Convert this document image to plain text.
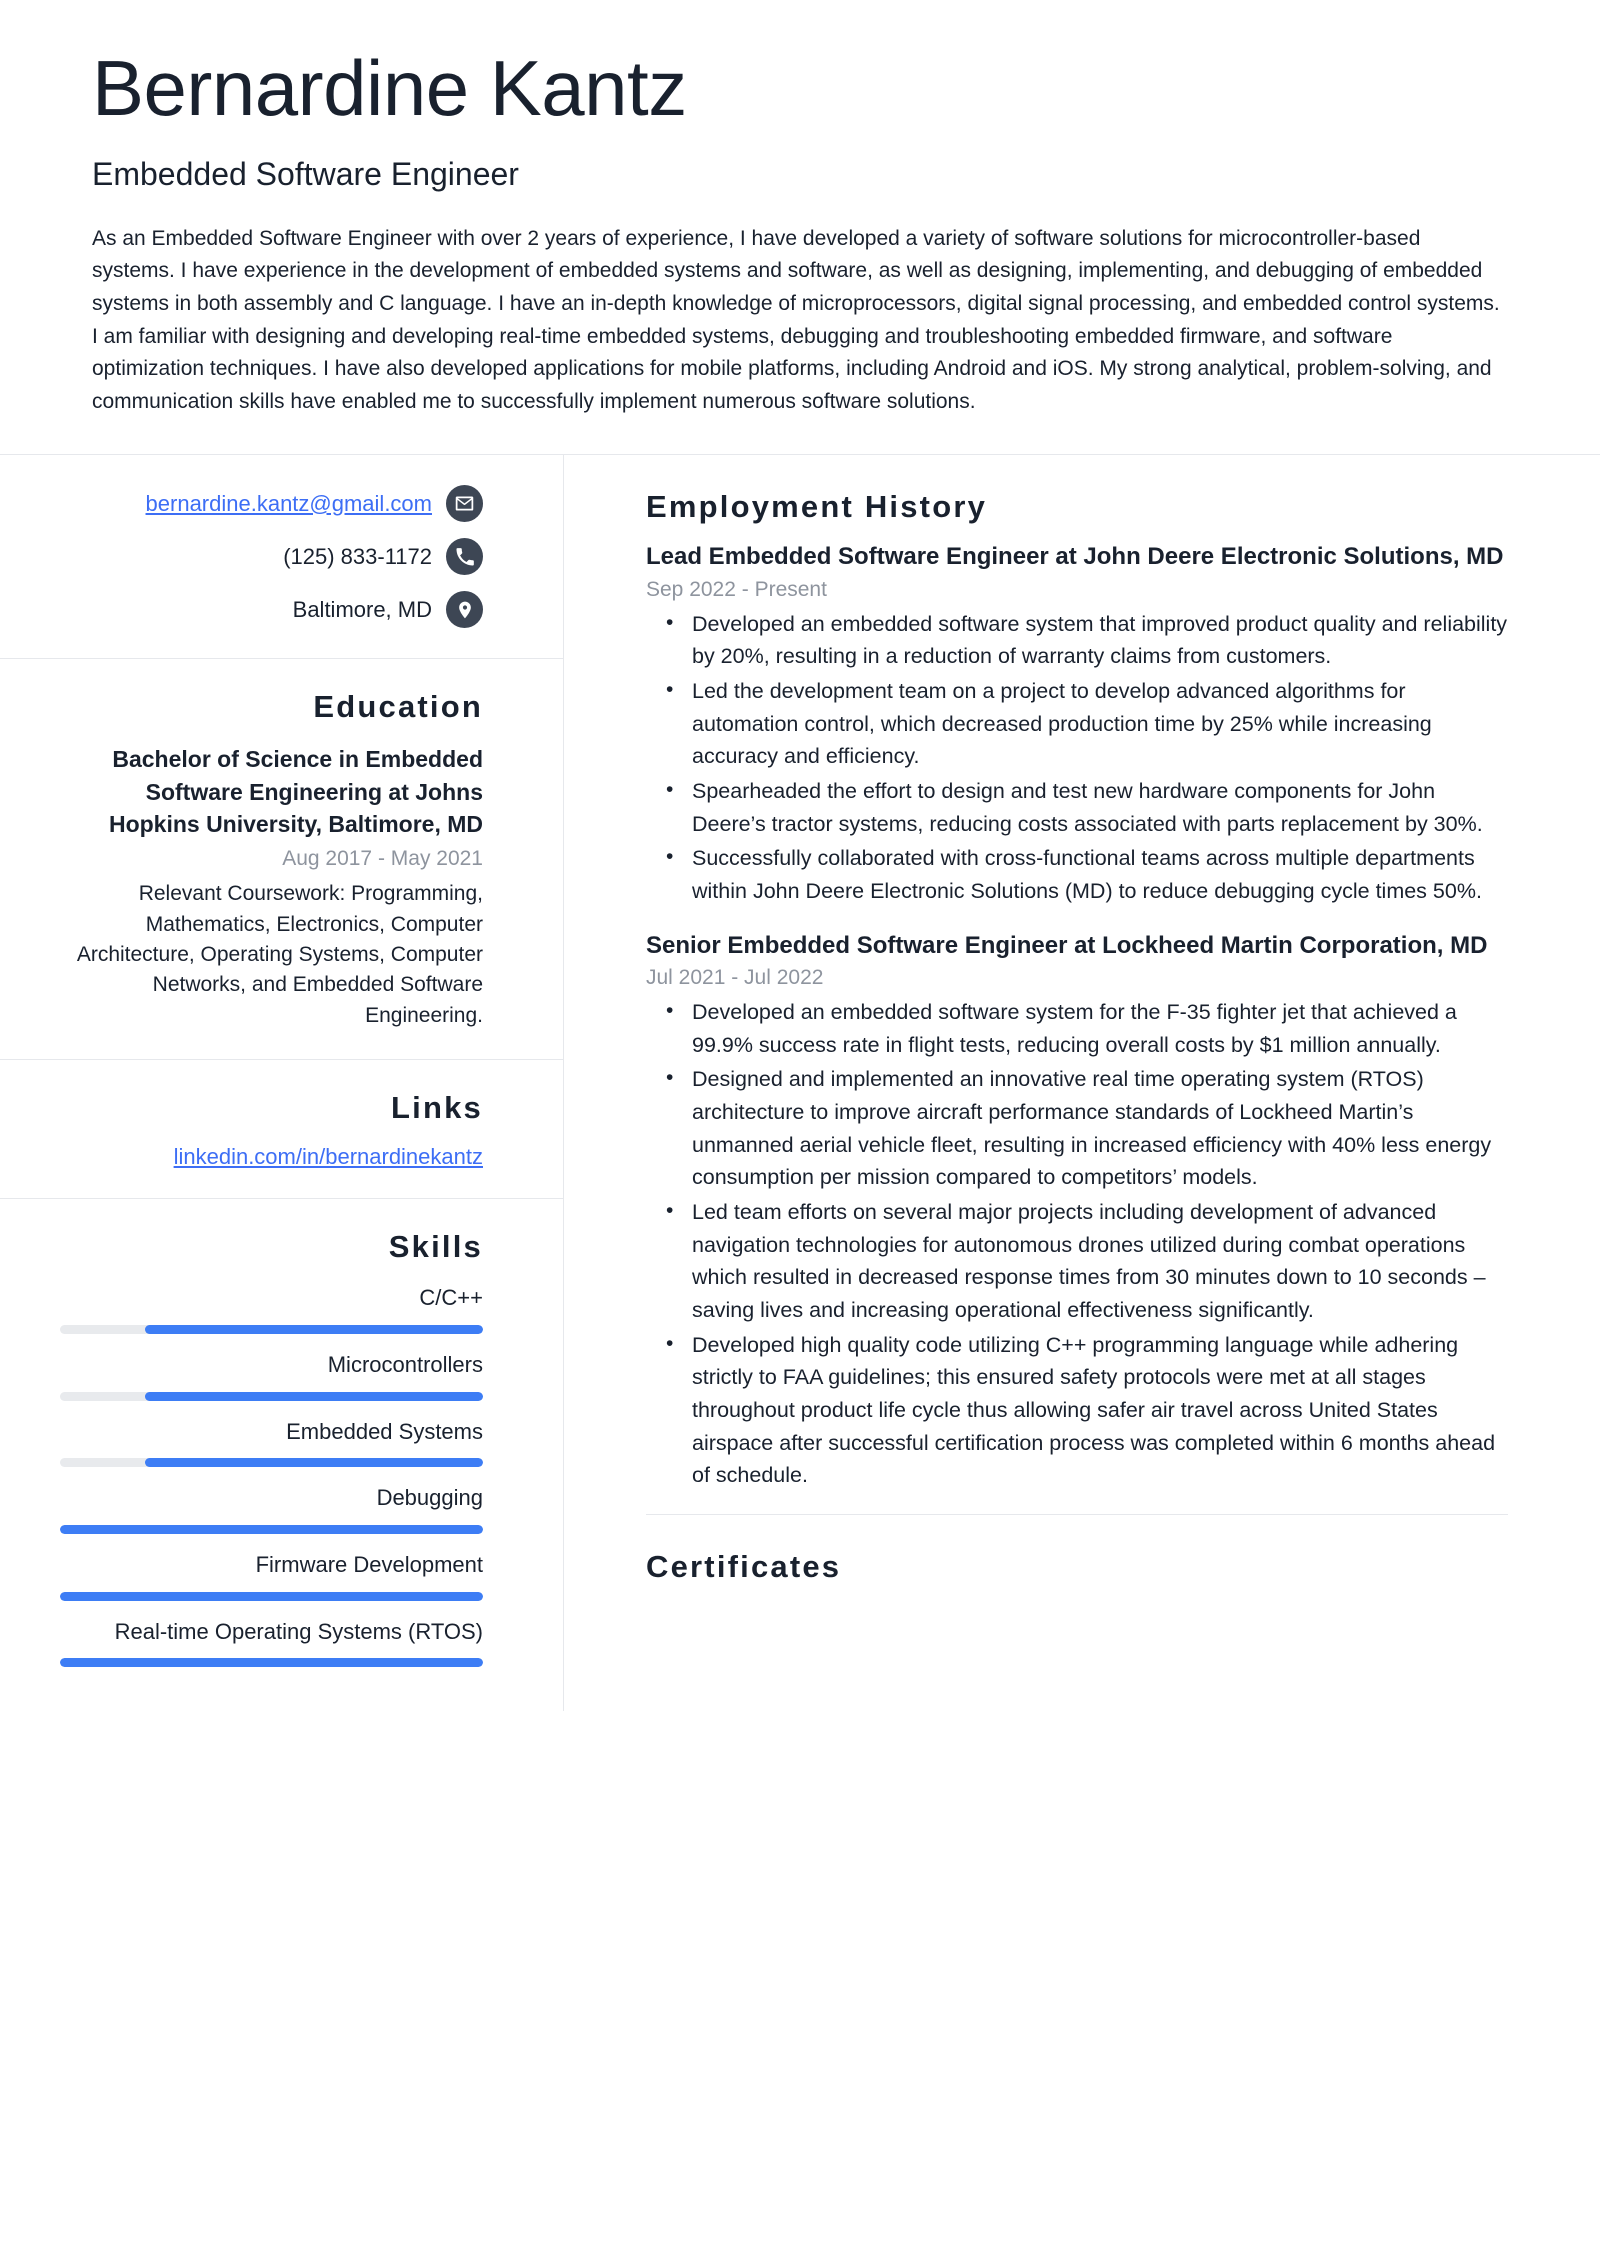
Bernardine Kantz
Embedded Software Engineer

As an Embedded Software Engineer with over 2 years of experience, I have developed a variety of software solutions for microcontroller-based systems. I have experience in the development of embedded systems and software, as well as designing, implementing, and debugging of embedded systems in both assembly and C language. I have an in-depth knowledge of microprocessors, digital signal processing, and embedded control systems. I am familiar with designing and developing real-time embedded systems, debugging and troubleshooting embedded firmware, and software optimization techniques. I have also developed applications for mobile platforms, including Android and iOS. My strong analytical, problem-solving, and communication skills have enabled me to successfully implement numerous software solutions.

bernardine.kantz@gmail.com
(125) 833-1172
Baltimore, MD
Education
Bachelor of Science in Embedded Software Engineering at Johns Hopkins University, Baltimore, MD
Aug 2017 - May 2021
Relevant Coursework: Programming, Mathematics, Electronics, Computer Architecture, Operating Systems, Computer Networks, and Embedded Software Engineering.
Links
linkedin.com/in/bernardinekantz
Skills
C/C++
Microcontrollers
Embedded Systems
Debugging
Firmware Development
Real-time Operating Systems (RTOS)
Employment History
Lead Embedded Software Engineer at John Deere Electronic Solutions, MD
Sep 2022 - Present
• Developed an embedded software system that improved product quality and reliability by 20%, resulting in a reduction of warranty claims from customers.
• Led the development team on a project to develop advanced algorithms for automation control, which decreased production time by 25% while increasing accuracy and efficiency.
• Spearheaded the effort to design and test new hardware components for John Deere’s tractor systems, reducing costs associated with parts replacement by 30%.
• Successfully collaborated with cross-functional teams across multiple departments within John Deere Electronic Solutions (MD) to reduce debugging cycle times 50%.
Senior Embedded Software Engineer at Lockheed Martin Corporation, MD
Jul 2021 - Jul 2022
• Developed an embedded software system for the F-35 fighter jet that achieved a 99.9% success rate in flight tests, reducing overall costs by $1 million annually.
• Designed and implemented an innovative real time operating system (RTOS) architecture to improve aircraft performance standards of Lockheed Martin’s unmanned aerial vehicle fleet, resulting in increased efficiency with 40% less energy consumption per mission compared to competitors’ models.
• Led team efforts on several major projects including development of advanced navigation technologies for autonomous drones utilized during combat operations which resulted in decreased response times from 30 minutes down to 10 seconds – saving lives and increasing operational effectiveness significantly.
• Developed high quality code utilizing C++ programming language while adhering strictly to FAA guidelines; this ensured safety protocols were met at all stages throughout product life cycle thus allowing safer air travel across United States airspace after successful certification process was completed within 6 months ahead of schedule.
Certificates
